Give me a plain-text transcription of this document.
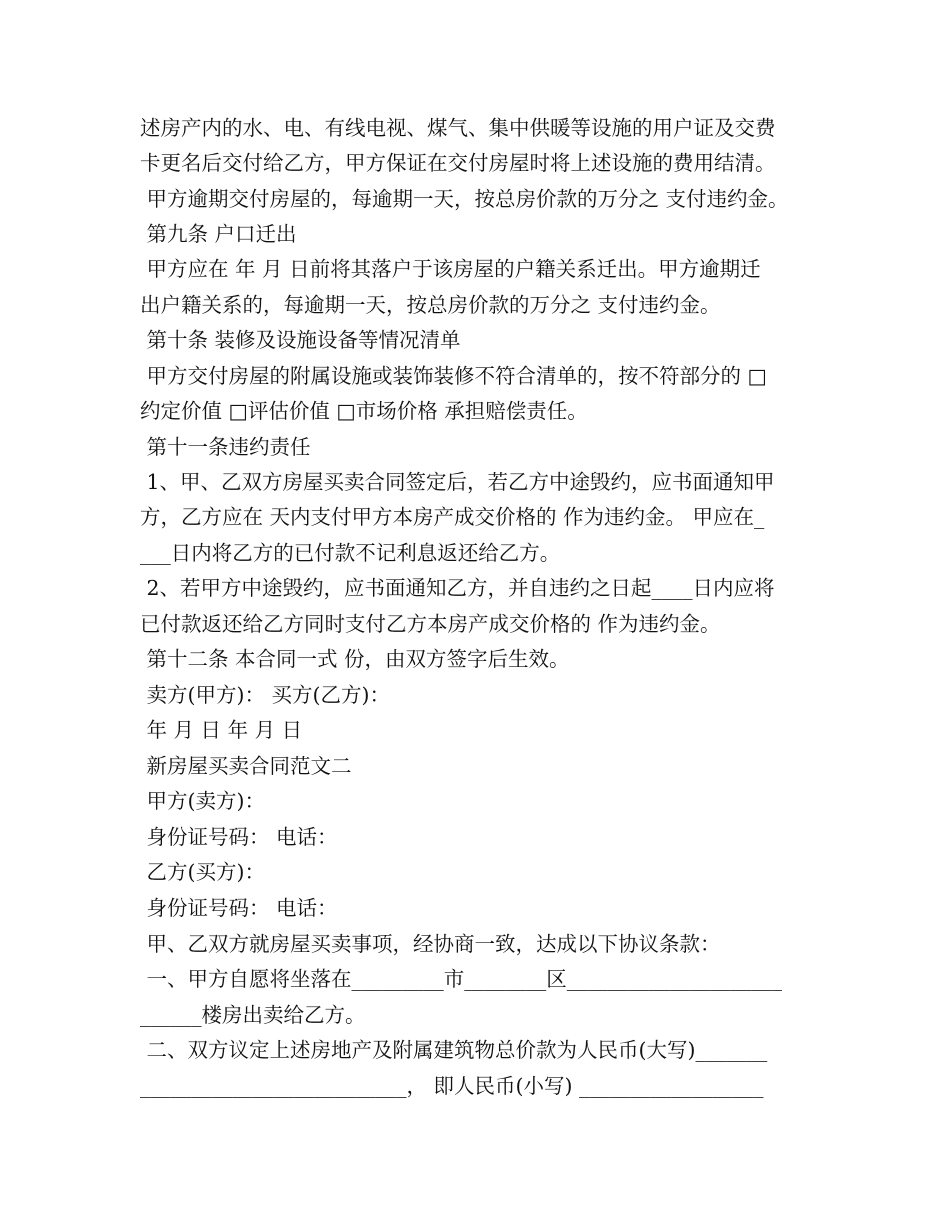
述房产内的水、电、有线电视、煤气、集中供暖等设施的用户证及交费
卡更名后交付给乙方，甲方保证在交付房屋时将上述设施的费用结清。
甲方逾期交付房屋的，每逾期一天，按总房价款的万分之 支付违约金。
第九条 户口迁出
甲方应在 年 月 日前将其落户于该房屋的户籍关系迁出。甲方逾期迁
出户籍关系的，每逾期一天，按总房价款的万分之 支付违约金。
第十条 装修及设施设备等情况清单
甲方交付房屋的附属设施或装饰装修不符合清单的，按不符部分的 □
约定价值 □评估价值 □市场价格 承担赔偿责任。
第十一条违约责任
1、甲、乙双方房屋买卖合同签定后，若乙方中途毁约，应书面通知甲
方，乙方应在 天内支付甲方本房产成交价格的 作为违约金。 甲应在_
___日内将乙方的已付款不记利息返还给乙方。
2、若甲方中途毁约，应书面通知乙方，并自违约之日起____日内应将
已付款返还给乙方同时支付乙方本房产成交价格的 作为违约金。
第十二条 本合同一式 份，由双方签字后生效。
卖方(甲方)： 买方(乙方)：
年 月 日 年 月 日
新房屋买卖合同范文二
甲方(卖方)：
身份证号码： 电话：
乙方(买方)：
身份证号码： 电话：
甲、乙双方就房屋买卖事项，经协商一致，达成以下协议条款：
一、甲方自愿将坐落在_________市________区_____________________
______楼房出卖给乙方。
二、双方议定上述房地产及附属建筑物总价款为人民币(大写)_______
__________________________， 即人民币(小写) __________________
